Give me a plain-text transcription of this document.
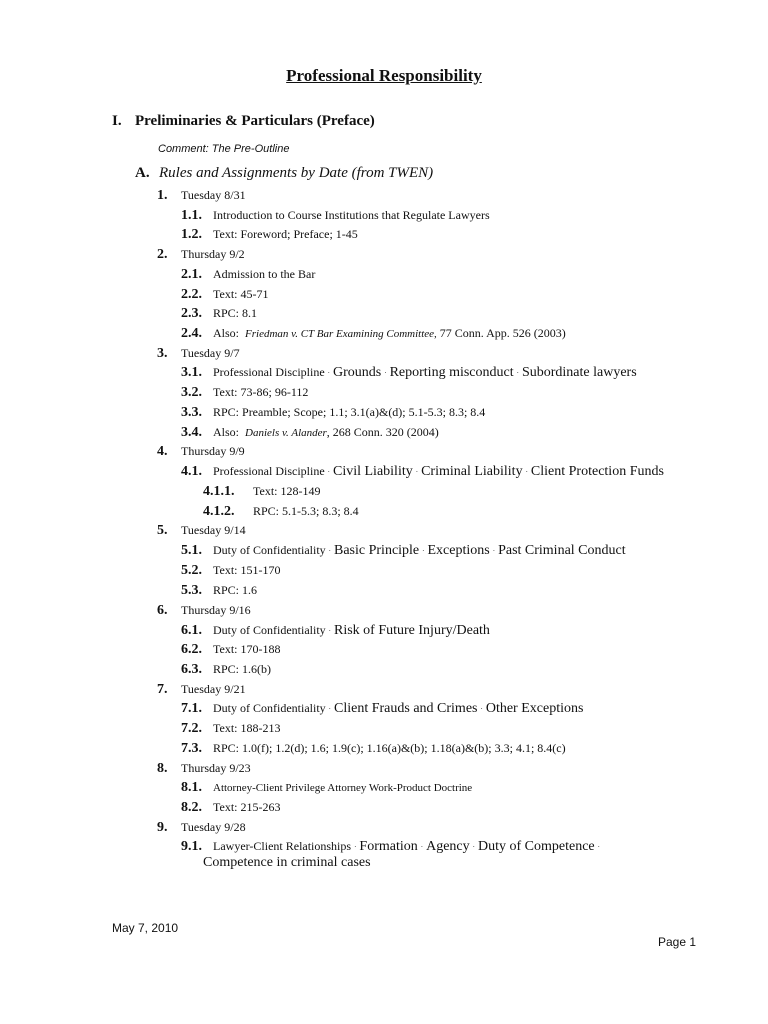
Professional Responsibility
I. Preliminaries & Particulars (Preface)
Comment: The Pre-Outline
A. Rules and Assignments by Date (from TWEN)
1. Tuesday 8/31
1.1. Introduction to Course Institutions that Regulate Lawyers
1.2. Text: Foreword; Preface; 1-45
2. Thursday 9/2
2.1. Admission to the Bar
2.2. Text: 45-71
2.3. RPC: 8.1
2.4. Also: Friedman v. CT Bar Examining Committee, 77 Conn. App. 526 (2003)
3. Tuesday 9/7
3.1. Professional Discipline · Grounds · Reporting misconduct · Subordinate lawyers
3.2. Text: 73-86; 96-112
3.3. RPC: Preamble; Scope; 1.1; 3.1(a)&(d); 5.1-5.3; 8.3; 8.4
3.4. Also: Daniels v. Alander, 268 Conn. 320 (2004)
4. Thursday 9/9
4.1. Professional Discipline · Civil Liability · Criminal Liability · Client Protection Funds
4.1.1. Text: 128-149
4.1.2. RPC: 5.1-5.3; 8.3; 8.4
5. Tuesday 9/14
5.1. Duty of Confidentiality · Basic Principle · Exceptions · Past Criminal Conduct
5.2. Text: 151-170
5.3. RPC: 1.6
6. Thursday 9/16
6.1. Duty of Confidentiality · Risk of Future Injury/Death
6.2. Text: 170-188
6.3. RPC: 1.6(b)
7. Tuesday 9/21
7.1. Duty of Confidentiality · Client Frauds and Crimes · Other Exceptions
7.2. Text: 188-213
7.3. RPC: 1.0(f); 1.2(d); 1.6; 1.9(c); 1.16(a)&(b); 1.18(a)&(b); 3.3; 4.1; 8.4(c)
8. Thursday 9/23
8.1. Attorney-Client Privilege Attorney Work-Product Doctrine
8.2. Text: 215-263
9. Tuesday 9/28
9.1. Lawyer-Client Relationships · Formation · Agency · Duty of Competence ·
Competence in criminal cases
May 7, 2010
Page 1
